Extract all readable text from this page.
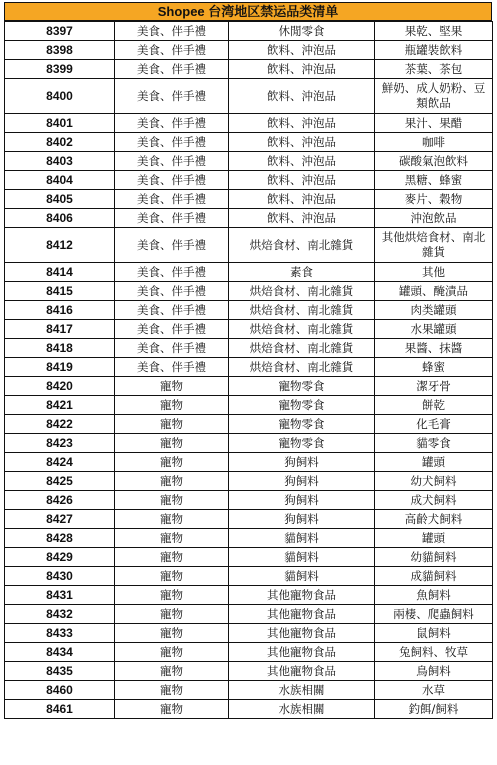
Shopee 台湾地区禁运品类清单
8397	美食、伴手禮	休閒零食	果乾、堅果
8398	美食、伴手禮	飲料、沖泡品	瓶罐裝飲料
8399	美食、伴手禮	飲料、沖泡品	茶葉、茶包
8400	美食、伴手禮	飲料、沖泡品	鮮奶、成人奶粉、豆類飲品
8401	美食、伴手禮	飲料、沖泡品	果汁、果醋
8402	美食、伴手禮	飲料、沖泡品	咖啡
8403	美食、伴手禮	飲料、沖泡品	碳酸氣泡飲料
8404	美食、伴手禮	飲料、沖泡品	黑糖、蜂蜜
8405	美食、伴手禮	飲料、沖泡品	麥片、穀物
8406	美食、伴手禮	飲料、沖泡品	沖泡飲品
8412	美食、伴手禮	烘焙食材、南北雜貨	其他烘焙食材、南北雜貨
8414	美食、伴手禮	素食	其他
8415	美食、伴手禮	烘焙食材、南北雜貨	罐頭、醃漬品
8416	美食、伴手禮	烘焙食材、南北雜貨	肉类罐頭
8417	美食、伴手禮	烘焙食材、南北雜貨	水果罐頭
8418	美食、伴手禮	烘焙食材、南北雜貨	果醬、抹醬
8419	美食、伴手禮	烘焙食材、南北雜貨	蜂蜜
8420	寵物	寵物零食	潔牙骨
8421	寵物	寵物零食	餅乾
8422	寵物	寵物零食	化毛膏
8423	寵物	寵物零食	貓零食
8424	寵物	狗飼料	罐頭
8425	寵物	狗飼料	幼犬飼料
8426	寵物	狗飼料	成犬飼料
8427	寵物	狗飼料	高齡犬飼料
8428	寵物	貓飼料	罐頭
8429	寵物	貓飼料	幼貓飼料
8430	寵物	貓飼料	成貓飼料
8431	寵物	其他寵物食品	魚飼料
8432	寵物	其他寵物食品	兩棲、爬蟲飼料
8433	寵物	其他寵物食品	鼠飼料
8434	寵物	其他寵物食品	兔飼料、牧草
8435	寵物	其他寵物食品	鳥飼料
8460	寵物	水族相關	水草
8461	寵物	水族相關	釣餌/飼料
